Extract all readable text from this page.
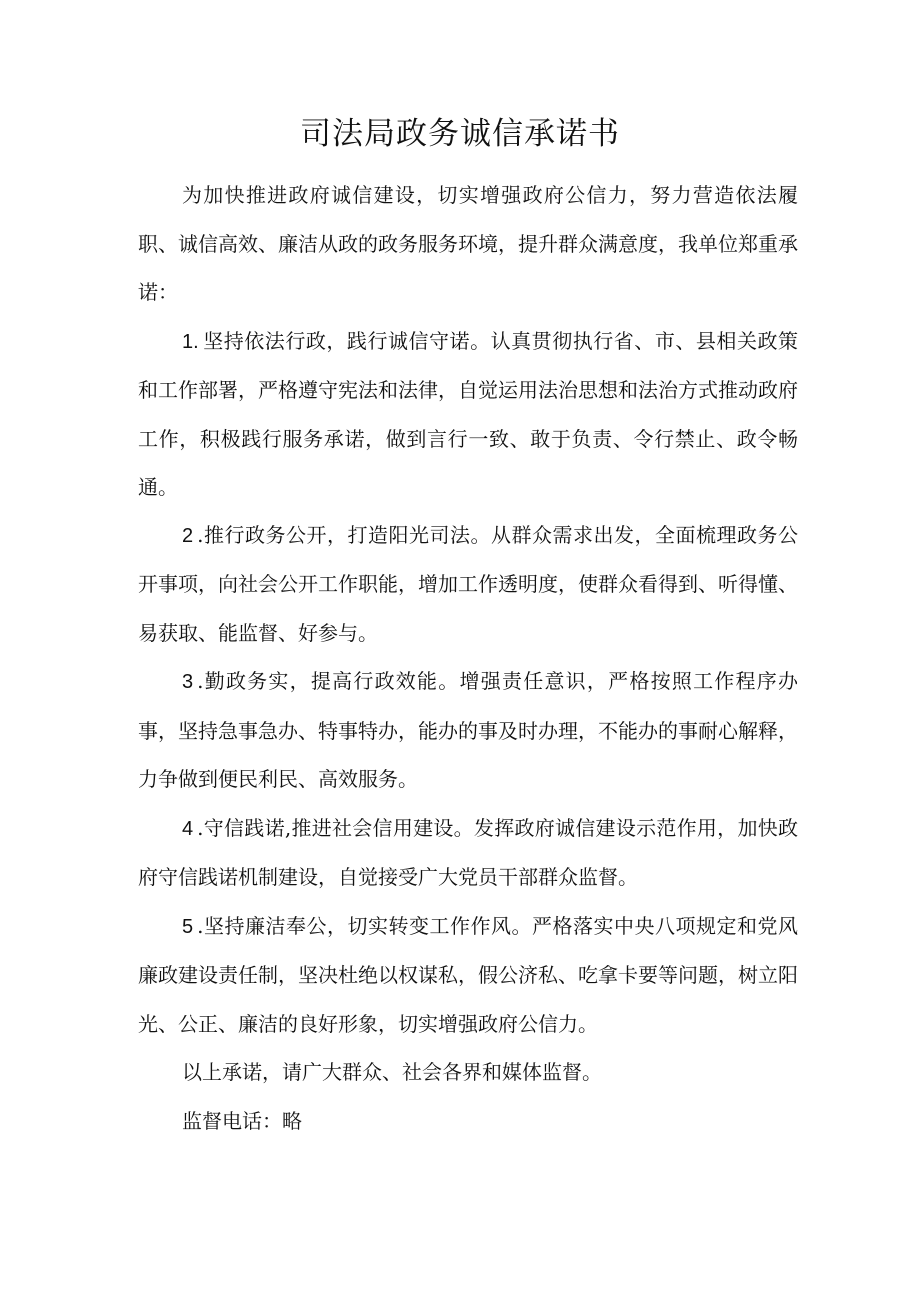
司法局政务诚信承诺书

为加快推进政府诚信建设，切实增强政府公信力，努力营造依法履职、诚信高效、廉洁从政的政务服务环境，提升群众满意度，我单位郑重承诺：

1. 坚持依法行政，践行诚信守诺。认真贯彻执行省、市、县相关政策和工作部署，严格遵守宪法和法律，自觉运用法治思想和法治方式推动政府工作，积极践行服务承诺，做到言行一致、敢于负责、令行禁止、政令畅通。

2 .推行政务公开，打造阳光司法。从群众需求出发，全面梳理政务公开事项，向社会公开工作职能，增加工作透明度，使群众看得到、听得懂、易获取、能监督、好参与。

3 .勤政务实，提高行政效能。增强责任意识，严格按照工作程序办事，坚持急事急办、特事特办，能办的事及时办理，不能办的事耐心解释，力争做到便民利民、高效服务。

4 .守信践诺,推进社会信用建设。发挥政府诚信建设示范作用，加快政府守信践诺机制建设，自觉接受广大党员干部群众监督。

5 .坚持廉洁奉公，切实转变工作作风。严格落实中央八项规定和党风廉政建设责任制，坚决杜绝以权谋私，假公济私、吃拿卡要等问题，树立阳光、公正、廉洁的良好形象，切实增强政府公信力。

以上承诺，请广大群众、社会各界和媒体监督。

监督电话：略
